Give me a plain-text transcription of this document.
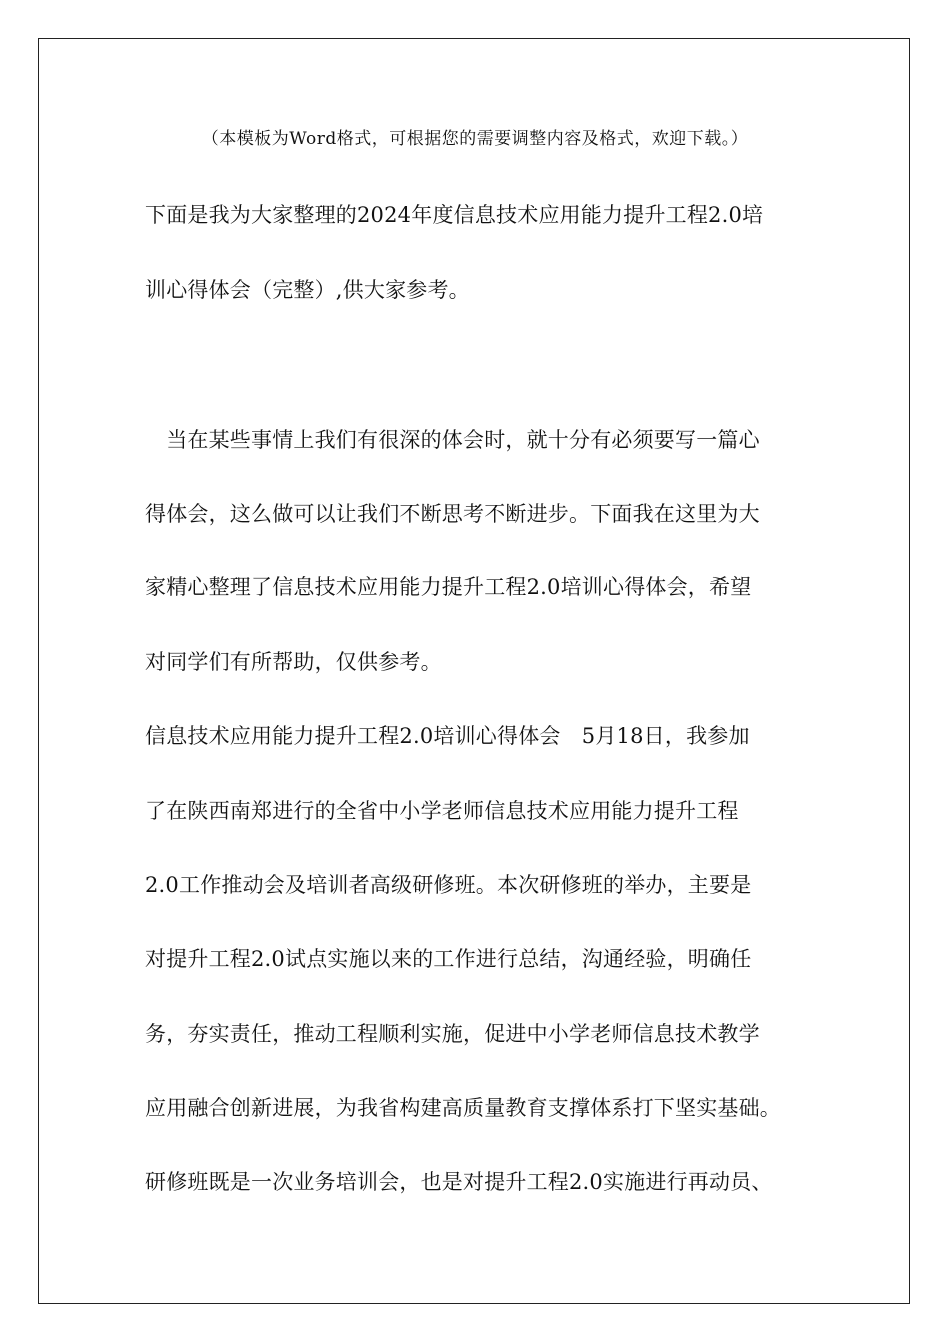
（本模板为Word格式，可根据您的需要调整内容及格式，欢迎下载。）
下面是我为大家整理的2024年度信息技术应用能力提升工程2.0培
训心得体会（完整）,供大家参考。
　当在某些事情上我们有很深的体会时，就十分有必须要写一篇心
得体会，这么做可以让我们不断思考不断进步。下面我在这里为大
家精心整理了信息技术应用能力提升工程2.0培训心得体会，希望
对同学们有所帮助，仅供参考。
信息技术应用能力提升工程2.0培训心得体会　5月18日，我参加
了在陕西南郑进行的全省中小学老师信息技术应用能力提升工程
2.0工作推动会及培训者高级研修班。本次研修班的举办，主要是
对提升工程2.0试点实施以来的工作进行总结，沟通经验，明确任
务，夯实责任，推动工程顺利实施，促进中小学老师信息技术教学
应用融合创新进展，为我省构建高质量教育支撑体系打下坚实基础。
研修班既是一次业务培训会，也是对提升工程2.0实施进行再动员、
